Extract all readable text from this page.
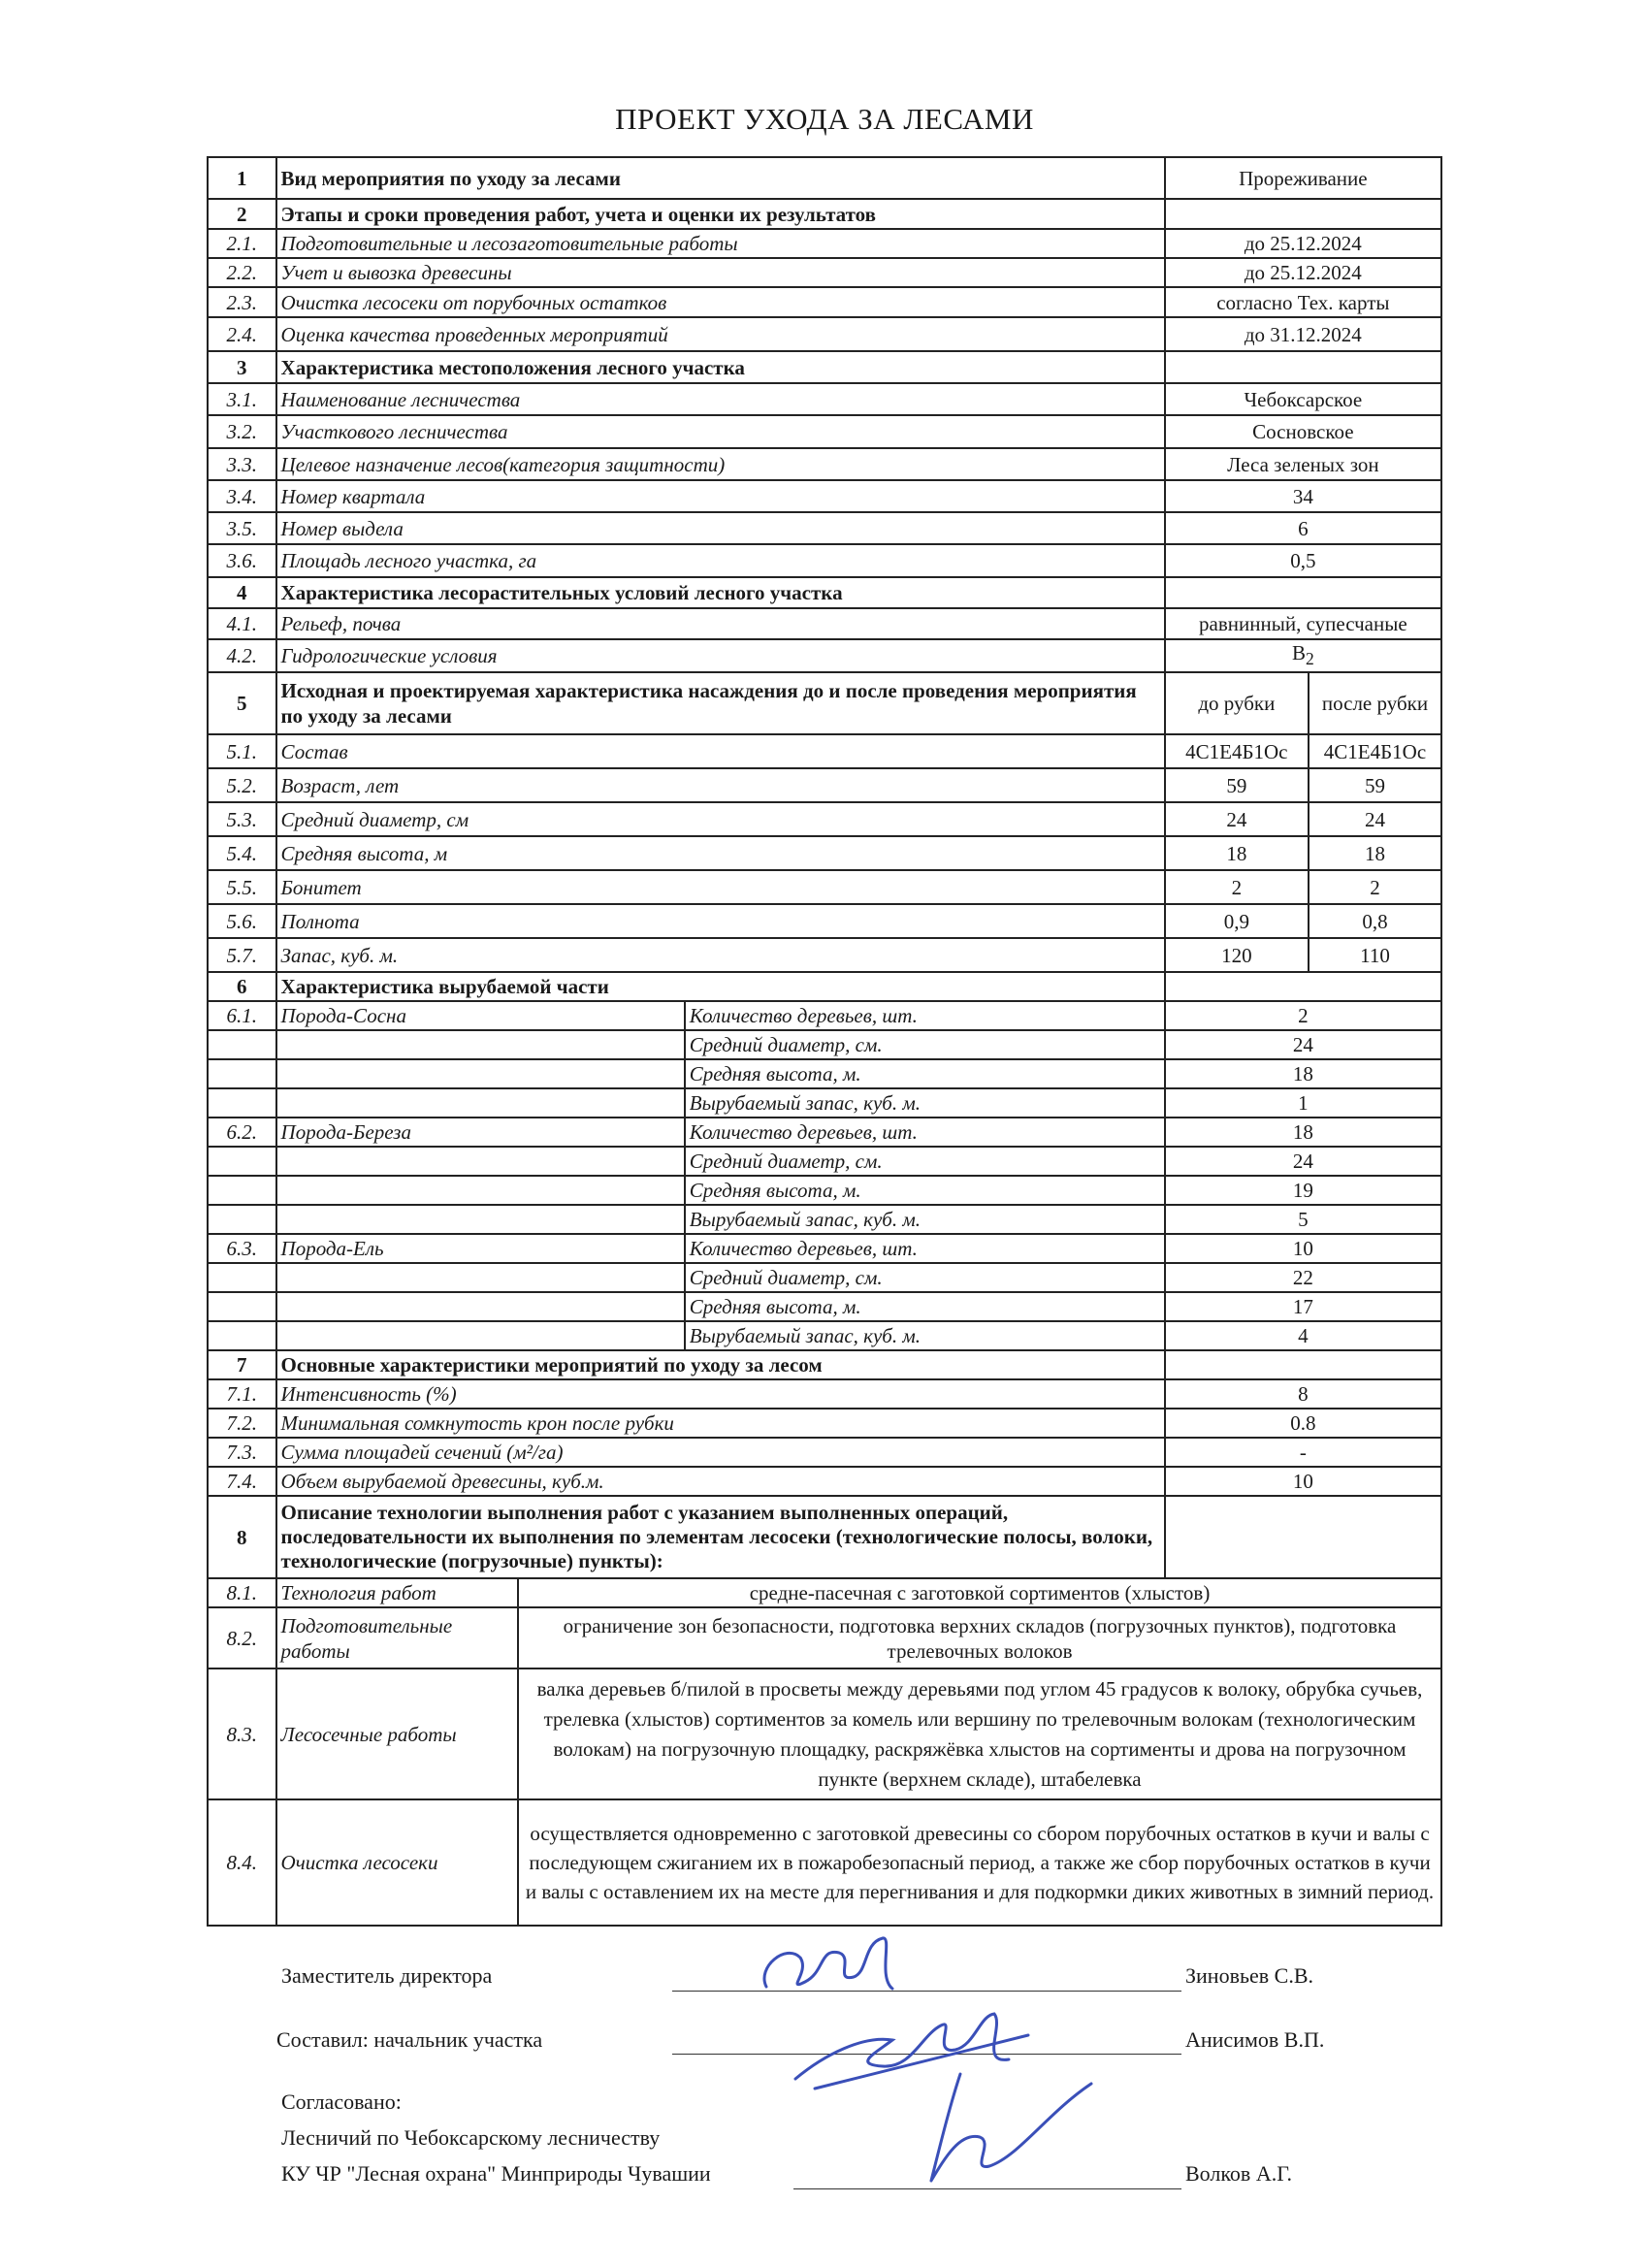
ПРОЕКТ УХОДА ЗА ЛЕСАМИ
1	Вид мероприятия по уходу за лесами			Прореживание	
2	Этапы и сроки проведения работ, учета и оценки их результатов				
2.1.	Подготовительные и лесозаготовительные работы			до 25.12.2024	
2.2.	Учет и вывозка древесины			до 25.12.2024	
2.3.	Очистка лесосеки от порубочных остатков			согласно Тех. карты	
2.4.	Оценка качества проведенных мероприятий			до 31.12.2024	
3	Характеристика местоположения лесного участка				
3.1.	Наименование лесничества			Чебоксарское	
3.2.	Участкового лесничества			Сосновское	
3.3.	Целевое назначение лесов(категория защитности)			Леса зеленых зон	
3.4.	Номер квартала			34	
3.5.	Номер выдела			6	
3.6.	Площадь лесного участка, га			0,5	
4	Характеристика лесорастительных условий лесного участка				
4.1.	Рельеф, почва			равнинный, супесчаные	
4.2.	Гидрологические условия			$B_2$
5	Исходная и проектируемая характеристика насаждения до и после проведения мероприятия по уходу за лесами			до рубки	после рубки
5.1.	Состав			4С1Е4Б1Ос	4С1Е4Б1Ос
5.2.	Возраст, лет			59	59
5.3.	Средний диаметр, см			24	24
5.4.	Средняя высота, м			18	18
5.5.	Бонитет			2	2
5.6.	Полнота			0,9	0,8
5.7.	Запас, куб. м.			120	110
6	Характеристика вырубаемой части				
6.1.	Порода-Сосна		Количество деревьев, шт.	2	
			Средний диаметр, см.	24	
			Средняя высота, м.	18	
			Вырубаемый запас, куб. м.	1	
6.2.	Порода-Береза		Количество деревьев, шт.	18	
			Средний диаметр, см.	24	
			Средняя высота, м.	19	
			Вырубаемый запас, куб. м.	5	
6.3.	Порода-Ель		Количество деревьев, шт.	10	
			Средний диаметр, см.	22	
			Средняя высота, м.	17	
			Вырубаемый запас, куб. м.	4	
7	Основные характеристики мероприятий по уходу за лесом				
7.1.	Интенсивность (%)			8	
7.2.	Минимальная сомкнутость крон после рубки			0.8	
7.3.	Сумма площадей сечений (м²/га)			-	
7.4.	Объем вырубаемой древесины, куб.м.			10	
8	Описание технологии выполнения работ с указанием выполненных операций, последовательности их выполнения по элементам лесосеки (технологические полосы, волоки, технологические (погрузочные) пункты):				
8.1.	Технология работ	средне-пасечная с заготовкой сортиментов (хлыстов)			
8.2.	Подготовительные работы	ограничение зон безопасности, подготовка верхних складов (погрузочных пунктов), подготовка трелевочных волоков			
8.3.	Лесосечные работы	валка деревьев б/пилой в просветы между деревьями под углом 45 градусов к волоку, обрубка сучьев, трелевка (хлыстов) сортиментов за комель или вершину по трелевочным волокам (технологическим волокам) на погрузочную площадку, раскряжёвка хлыстов на сортименты и дрова на погрузочном пункте (верхнем складе), штабелевка			
8.4.	Очистка лесосеки	осуществляется одновременно с заготовкой древесины со сбором порубочных остатков в кучи и валы с последующем сжиганием их в пожаробезопасный период, а также же сбор порубочных остатков в кучи и валы с оставлением их на месте для перегнивания и для подкормки диких животных в зимний период.			
Заместитель директора	Зиновьев С.В.
Составил: начальник участка	Анисимов В.П.
Согласовано:
Лесничий по Чебоксарскому лесничеству
КУ ЧР "Лесная охрана" Минприроды Чувашии	Волков А.Г.
